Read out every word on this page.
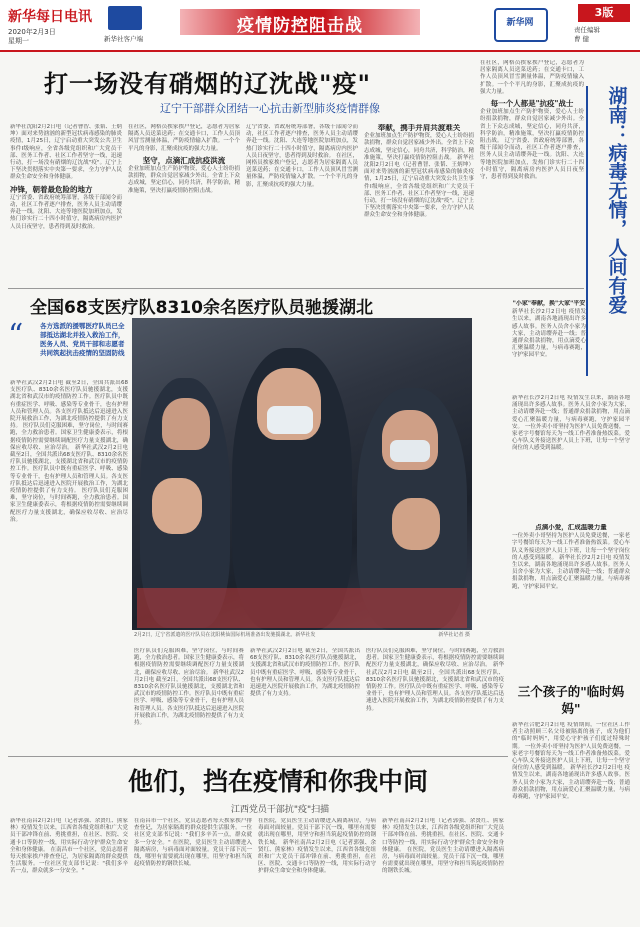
新华每日电讯
2020年2月3日
星期一	新华社客户端
疫情防控阻击战	新华网
3版
责任编辑
曹 健
打一场没有硝烟的辽沈战"疫"
辽宁干部群众团结一心抗击新型肺炎疫情群像
新华社沈阳2月2日电（记者曹智、张韬、王炳坤）面对来势汹汹的新型冠状病毒感染的肺炎疫情，1月25日，辽宁启动重大突发公共卫生事件Ⅰ级响应，全省各级党组织和广大党员干部、医务工作者、社区工作者坚守一线，迅速行动，打一场没有硝烟的辽沈战"疫"。辽宁上下坚决贯彻落实中央第一要求，全力守护人民群众生命安全和身体健康。
冲锋，朝着最危险的地方
辽宁省委、省政府统筹部署，各级干部闻令而动，社区工作者逐户排查，医务人员主动请缨奔赴一线。沈阳、大连等地医院加班加点，发热门诊实行二十四小时值守，隔离病房内医护人员日夜坚守，患者得到及时救治。
在社区，网格员挨家挨户登记，志愿者为居家隔离人员送菜送药；在交通卡口，工作人员顶风冒雪测量体温，严防疫情输入扩散。一个个平凡的身影，汇聚成抗疫的强大力量。
坚守，点滴汇成抗疫洪流
企业加班加点生产防护物资，爱心人士纷纷捐款捐物，群众自觉居家减少外出。全省上下众志成城，坚定信心，同舟共济，科学防治，精准施策，坚决打赢疫情防控阻击战。
辽宁省委、省政府统筹部署，各级干部闻令而动，社区工作者逐户排查，医务人员主动请缨奔赴一线。沈阳、大连等地医院加班加点，发热门诊实行二十四小时值守，隔离病房内医护人员日夜坚守，患者得到及时救治。 在社区，网格员挨家挨户登记，志愿者为居家隔离人员送菜送药；在交通卡口，工作人员顶风冒雪测量体温，严防疫情输入扩散。一个个平凡的身影，汇聚成抗疫的强大力量。
奉献，携手并肩共渡难关
企业加班加点生产防护物资，爱心人士纷纷捐款捐物，群众自觉居家减少外出。全省上下众志成城，坚定信心，同舟共济，科学防治，精准施策，坚决打赢疫情防控阻击战。 新华社沈阳2月2日电（记者曹智、张韬、王炳坤）面对来势汹汹的新型冠状病毒感染的肺炎疫情，1月25日，辽宁启动重大突发公共卫生事件Ⅰ级响应，全省各级党组织和广大党员干部、医务工作者、社区工作者坚守一线，迅速行动，打一场没有硝烟的辽沈战"疫"。辽宁上下坚决贯彻落实中央第一要求，全力守护人民群众生命安全和身体健康。
在社区，网格员挨家挨户登记，志愿者为居家隔离人员送菜送药；在交通卡口，工作人员顶风冒雪测量体温，严防疫情输入扩散。一个个平凡的身影，汇聚成抗疫的强大力量。
每一个人都是"抗疫"战士
企业加班加点生产防护物资，爱心人士纷纷捐款捐物，群众自觉居家减少外出。全省上下众志成城，坚定信心，同舟共济，科学防治，精准施策，坚决打赢疫情防控阻击战。 辽宁省委、省政府统筹部署，各级干部闻令而动，社区工作者逐户排查，医务人员主动请缨奔赴一线。沈阳、大连等地医院加班加点，发热门诊实行二十四小时值守，隔离病房内医护人员日夜坚守，患者得到及时救治。	湖南：病毒无情，人间有爱
"小家"奉献，换"大家"平安
新华社长沙2月2日电 疫情发生以来，湖南各地涌现出许多感人故事。医务人员舍小家为大家，主动请缨奔赴一线；普通群众捐款捐物，用点滴爱心汇聚温暖力量，与病毒赛跑，守护家园平安。
新华社长沙2月2日电 疫情发生以来，湖南各地涌现出许多感人故事。医务人员舍小家为大家，主动请缨奔赴一线；普通群众捐款捐物，用点滴爱心汇聚温暖力量，与病毒赛跑，守护家园平安。 一位外卖小哥坚持为医护人员免费送餐，一家老字号餐馆每天为一线工作者准备热饭菜。爱心车队义务接送医护人员上下班，让每一个坚守岗位的人感受到温暖。
点滴小爱，汇成温暖力量
一位外卖小哥坚持为医护人员免费送餐，一家老字号餐馆每天为一线工作者准备热饭菜。爱心车队义务接送医护人员上下班，让每一个坚守岗位的人感受到温暖。 新华社长沙2月2日电 疫情发生以来，湖南各地涌现出许多感人故事。医务人员舍小家为大家，主动请缨奔赴一线；普通群众捐款捐物，用点滴爱心汇聚温暖力量，与病毒赛跑，守护家园平安。
三个孩子的"临时妈妈"
新华社合肥2月2日电 疫情期间，一位社区工作者主动照顾三名父母被隔离的孩子，成为他们的"临时妈妈"，用爱心守护孩子们度过特殊时期。 一位外卖小哥坚持为医护人员免费送餐，一家老字号餐馆每天为一线工作者准备热饭菜。爱心车队义务接送医护人员上下班，让每一个坚守岗位的人感受到温暖。 新华社长沙2月2日电 疫情发生以来，湖南各地涌现出许多感人故事。医务人员舍小家为大家，主动请缨奔赴一线；普通群众捐款捐物，用点滴爱心汇聚温暖力量，与病毒赛跑，守护家园平安。
全国68支医疗队8310余名医疗队员驰援湖北
“	各方选派的援鄂医疗队员已全部抵达湖北并投入救治工作，医务人员、党员干部和志愿者共同筑起抗击疫情的坚固防线
新华社武汉2月2日电 截至2日，全国共派出68支医疗队、8310余名医疗队员驰援湖北，支援湖北省和武汉市的疫情防控工作。医疗队员中既有重症医学、呼吸、感染等专业骨干，也有护理人员和管理人员。各支医疗队抵达后迅速进入医院开展救治工作，为湖北疫情防控提供了有力支持。 医疗队员们克服困难，坚守岗位，与时间赛跑，全力救治患者。国家卫生健康委表示，将根据疫情防控需要继续调配医疗力量支援湖北，确保应收尽收、应治尽治。 新华社武汉2月2日电 截至2日，全国共派出68支医疗队、8310余名医疗队员驰援湖北，支援湖北省和武汉市的疫情防控工作。医疗队员中既有重症医学、呼吸、感染等专业骨干，也有护理人员和管理人员。各支医疗队抵达后迅速进入医院开展救治工作，为湖北疫情防控提供了有力支持。 医疗队员们克服困难，坚守岗位，与时间赛跑，全力救治患者。国家卫生健康委表示，将根据疫情防控需要继续调配医疗力量支援湖北，确保应收尽收、应治尽治。
2月2日，辽宁省派遣的医疗队员在沈阳桃仙国际机场准备出发驰援湖北。新华社发	新华社记者 摄
医疗队员们克服困难，坚守岗位，与时间赛跑，全力救治患者。国家卫生健康委表示，将根据疫情防控需要继续调配医疗力量支援湖北，确保应收尽收、应治尽治。 新华社武汉2月2日电 截至2日，全国共派出68支医疗队、8310余名医疗队员驰援湖北，支援湖北省和武汉市的疫情防控工作。医疗队员中既有重症医学、呼吸、感染等专业骨干，也有护理人员和管理人员。各支医疗队抵达后迅速进入医院开展救治工作，为湖北疫情防控提供了有力支持。
新华社武汉2月2日电 截至2日，全国共派出68支医疗队、8310余名医疗队员驰援湖北，支援湖北省和武汉市的疫情防控工作。医疗队员中既有重症医学、呼吸、感染等专业骨干，也有护理人员和管理人员。各支医疗队抵达后迅速进入医院开展救治工作，为湖北疫情防控提供了有力支持。
医疗队员们克服困难，坚守岗位，与时间赛跑，全力救治患者。国家卫生健康委表示，将根据疫情防控需要继续调配医疗力量支援湖北，确保应收尽收、应治尽治。 新华社武汉2月2日电 截至2日，全国共派出68支医疗队、8310余名医疗队员驰援湖北，支援湖北省和武汉市的疫情防控工作。医疗队员中既有重症医学、呼吸、感染等专业骨干，也有护理人员和管理人员。各支医疗队抵达后迅速进入医院开展救治工作，为湖北疫情防控提供了有力支持。
他们，挡在疫情和你我中间
江西党员干部抗"疫"扫描
新华社南昌2月2日电（记者郭强、余贤红、熊家林）疫情发生以来，江西省各级党组织和广大党员干部冲锋在前、勇挑重担，在社区、医院、交通卡口等防控一线，用实际行动守护群众生命安全和身体健康。 在南昌市一个社区，党员志愿者每天挨家挨户排查登记，为居家隔离的群众提供生活服务。一位社区党支部书记说："我们多辛苦一点，群众就多一分安全。"
在南昌市一个社区，党员志愿者每天挨家挨户排查登记，为居家隔离的群众提供生活服务。一位社区党支部书记说："我们多辛苦一点，群众就多一分安全。" 在医院，党员医生主动请缨进入隔离病房，与病毒面对面较量。党员干部下沉一线，哪里有需要就出现在哪里，用坚守和担当筑起疫情防控的钢铁长城。
在医院，党员医生主动请缨进入隔离病房，与病毒面对面较量。党员干部下沉一线，哪里有需要就出现在哪里，用坚守和担当筑起疫情防控的钢铁长城。 新华社南昌2月2日电（记者郭强、余贤红、熊家林）疫情发生以来，江西省各级党组织和广大党员干部冲锋在前、勇挑重担，在社区、医院、交通卡口等防控一线，用实际行动守护群众生命安全和身体健康。
新华社南昌2月2日电（记者郭强、余贤红、熊家林）疫情发生以来，江西省各级党组织和广大党员干部冲锋在前、勇挑重担，在社区、医院、交通卡口等防控一线，用实际行动守护群众生命安全和身体健康。 在医院，党员医生主动请缨进入隔离病房，与病毒面对面较量。党员干部下沉一线，哪里有需要就出现在哪里，用坚守和担当筑起疫情防控的钢铁长城。
